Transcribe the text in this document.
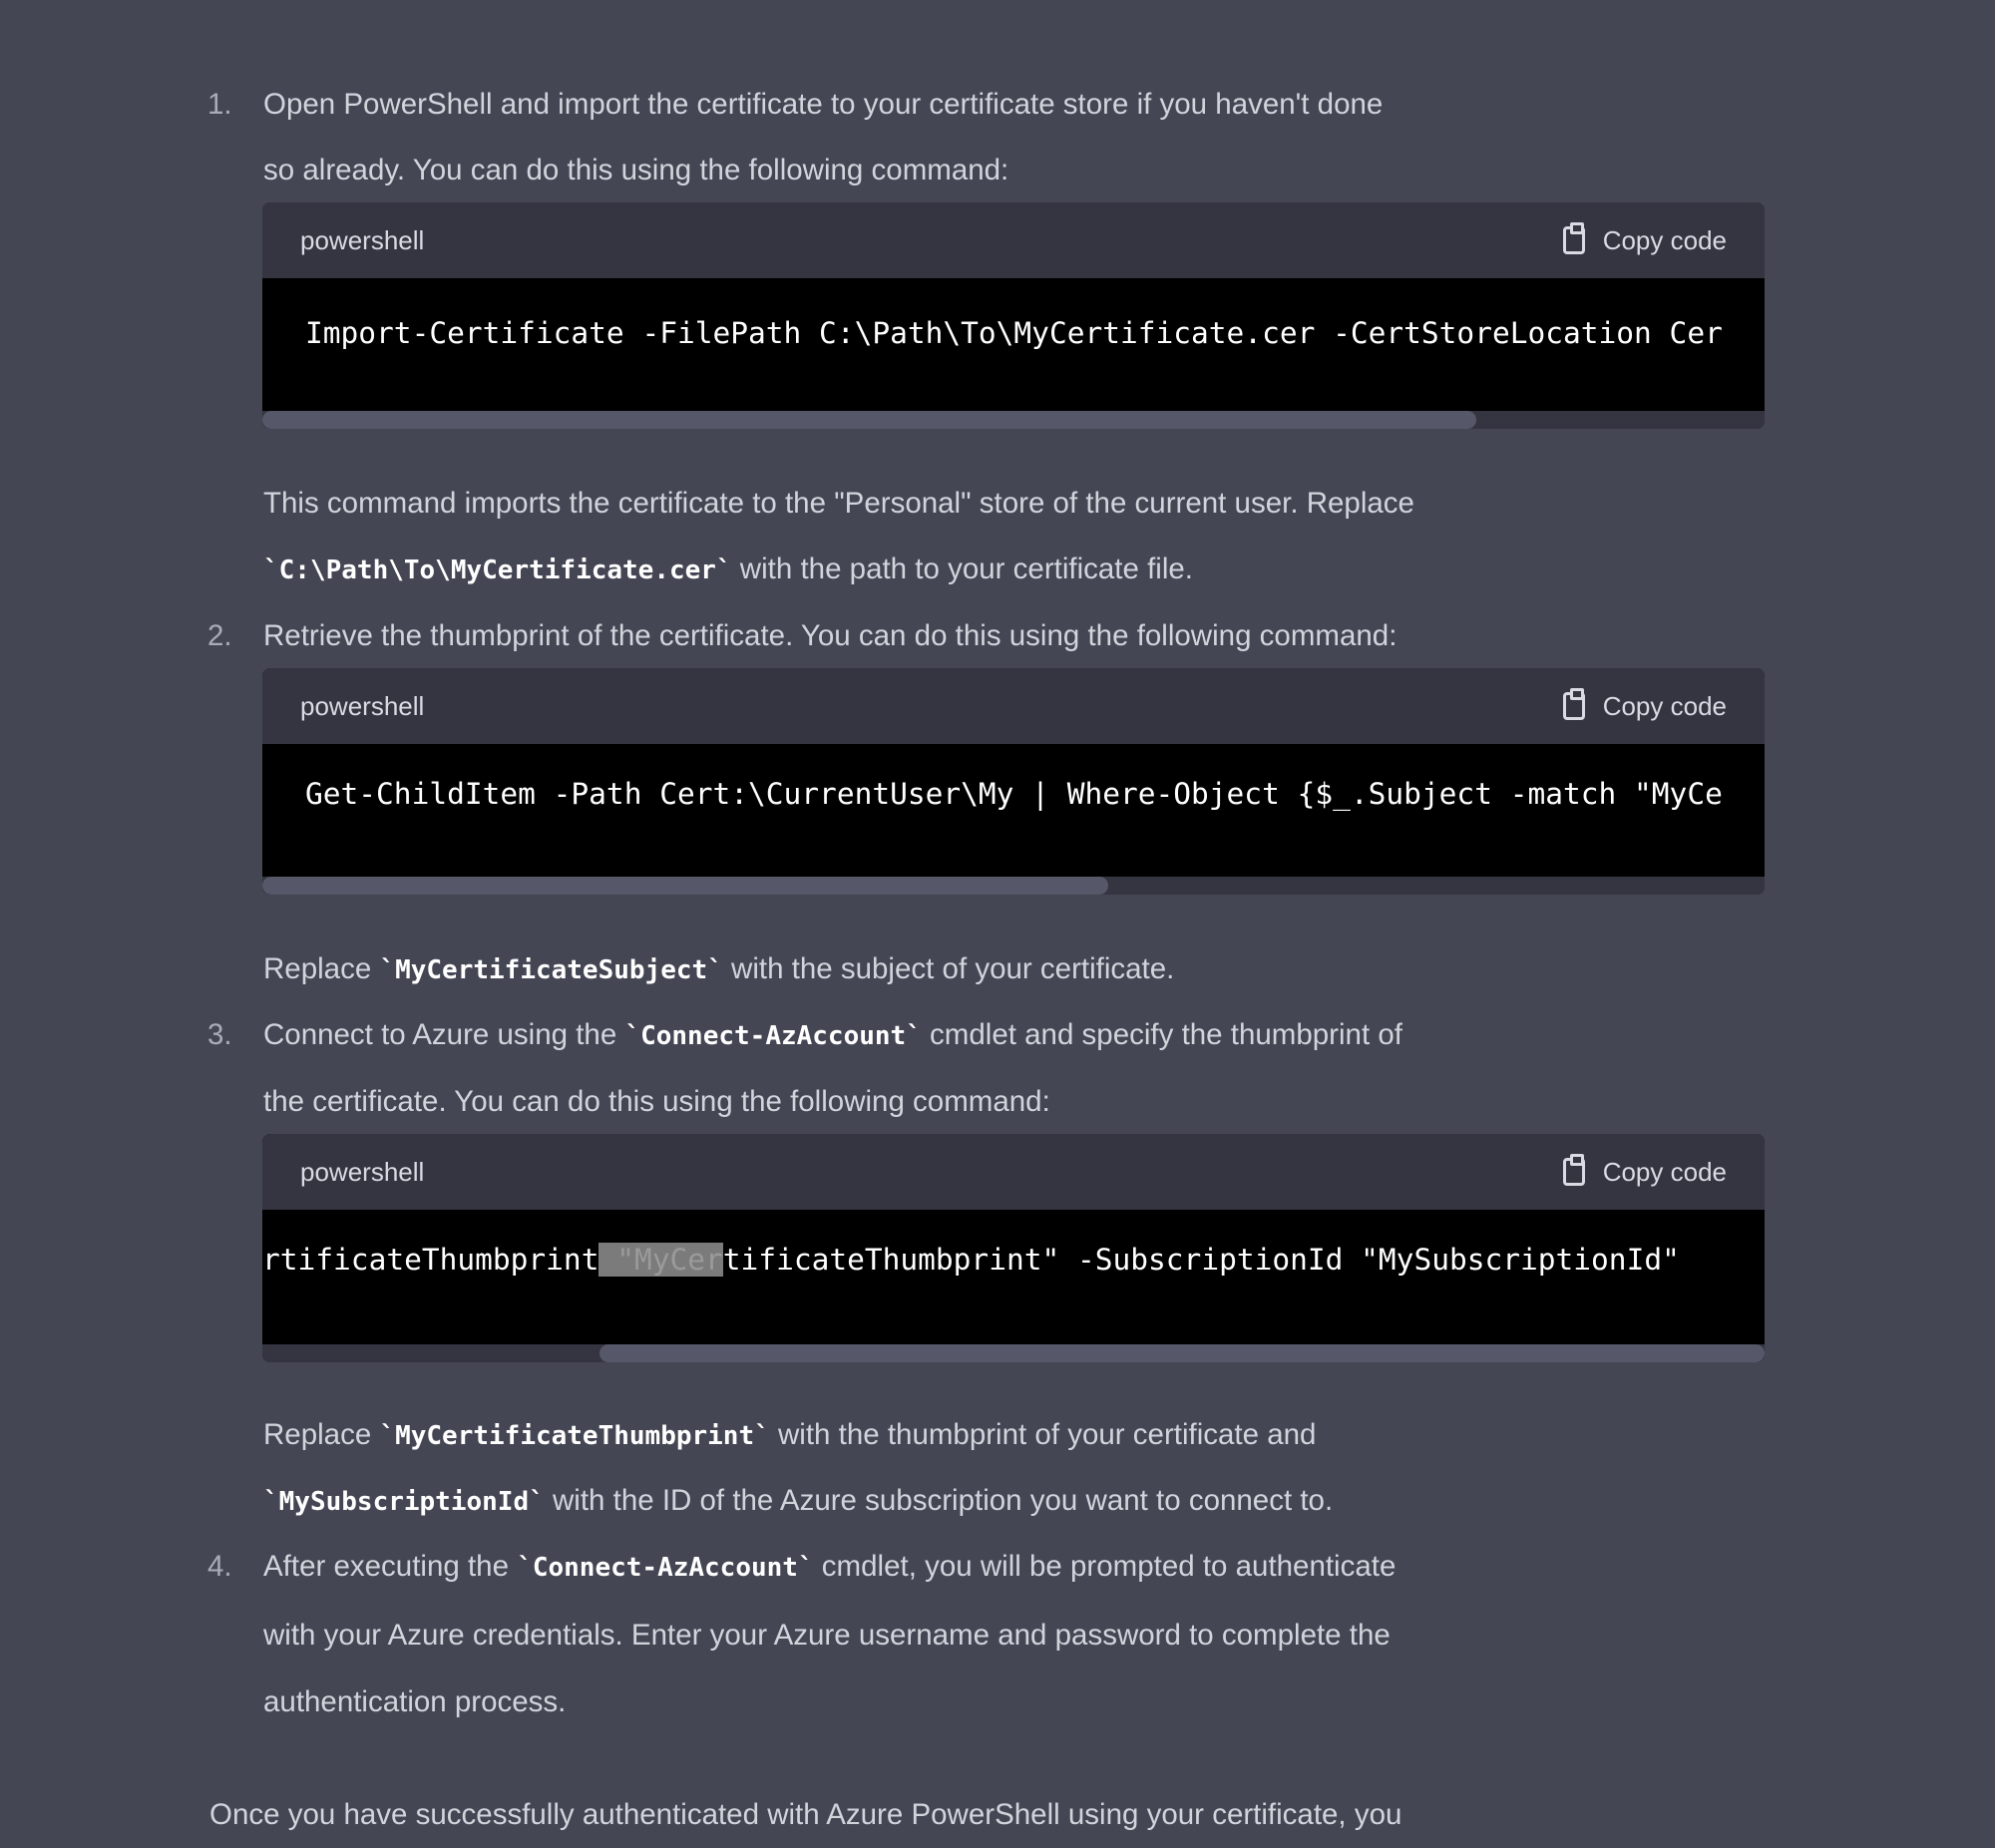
1. Open PowerShell and import the certificate to your certificate store if you haven't done
so already. You can do this using the following command:
powershell	Copy code
Import-Certificate -FilePath C:\Path\To\MyCertificate.cer -CertStoreLocation Cer
This command imports the certificate to the "Personal" store of the current user. Replace
`C:\Path\To\MyCertificate.cer` with the path to your certificate file.
2. Retrieve the thumbprint of the certificate. You can do this using the following command:
powershell	Copy code
Get-ChildItem -Path Cert:\CurrentUser\My | Where-Object {$_.Subject -match "MyCe
Replace `MyCertificateSubject` with the subject of your certificate.
3. Connect to Azure using the `Connect-AzAccount` cmdlet and specify the thumbprint of
the certificate. You can do this using the following command:
powershell	Copy code
rtificateThumbprint "MyCertificateThumbprint" -SubscriptionId "MySubscriptionId"
Replace `MyCertificateThumbprint` with the thumbprint of your certificate and
`MySubscriptionId` with the ID of the Azure subscription you want to connect to.
4. After executing the `Connect-AzAccount` cmdlet, you will be prompted to authenticate
with your Azure credentials. Enter your Azure username and password to complete the
authentication process.
Once you have successfully authenticated with Azure PowerShell using your certificate, you
